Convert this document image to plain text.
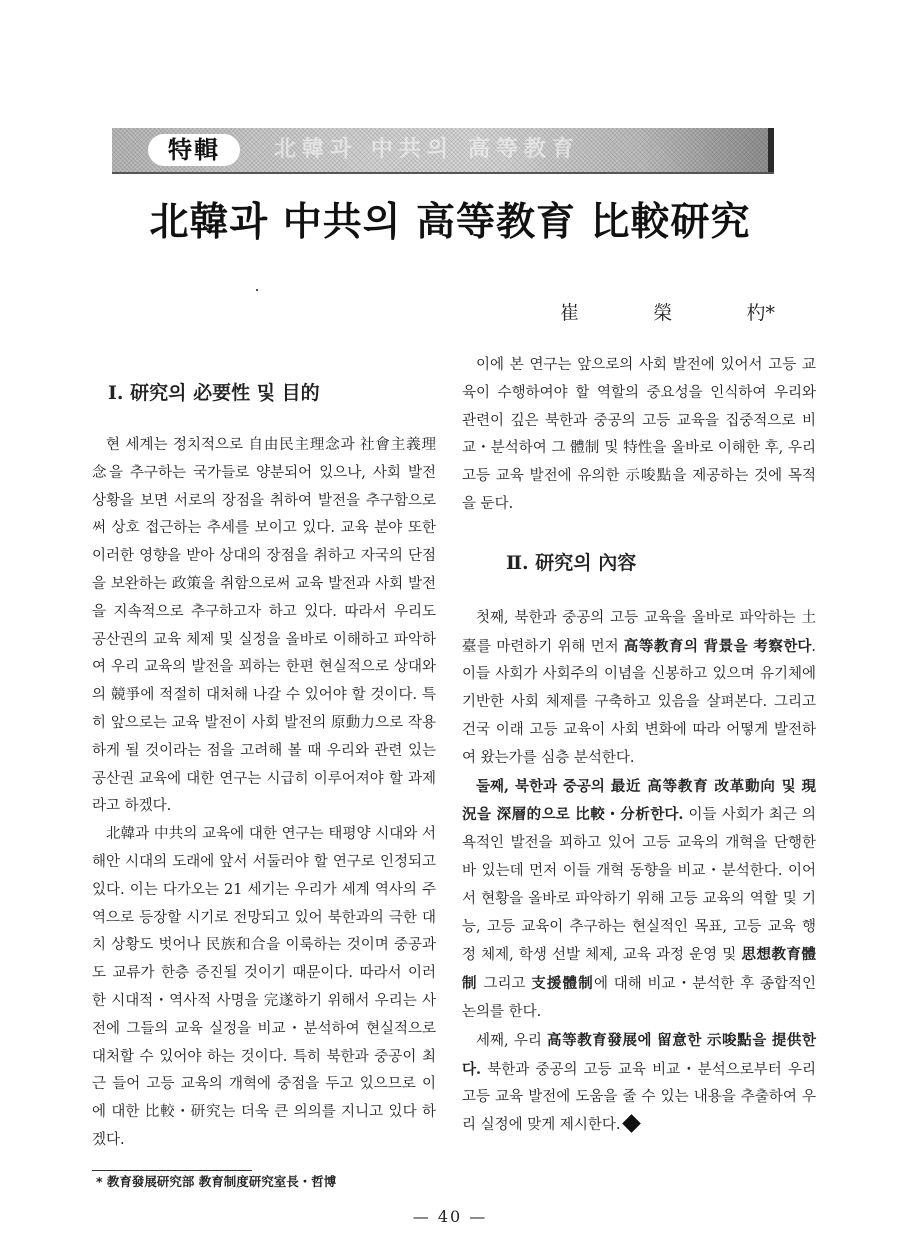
特輯	北韓과 中共의 高等教育
北韓과 中共의 高等教育 比較研究
崔	榮	杓*
Ⅰ. 研究의 必要性 및 目的

현 세계는 정치적으로 自由民主理念과 社會主義理念을 추구하는 국가들로 양분되어 있으나, 사회 발전 상황을 보면 서로의 장점을 취하여 발전을 추구함으로써 상호 접근하는 추세를 보이고 있다. 교육 분야 또한 이러한 영향을 받아 상대의 장점을 취하고 자국의 단점을 보완하는 政策을 취함으로써 교육 발전과 사회 발전을 지속적으로 추구하고자 하고 있다. 따라서 우리도 공산권의 교육 체제 및 실정을 올바로 이해하고 파악하여 우리 교육의 발전을 꾀하는 한편 현실적으로 상대와의 競爭에 적절히 대처해 나갈 수 있어야 할 것이다. 특히 앞으로는 교육 발전이 사회 발전의 原動力으로 작용하게 될 것이라는 점을 고려해 볼 때 우리와 관련 있는 공산권 교육에 대한 연구는 시급히 이루어져야 할 과제라고 하겠다.

北韓과 中共의 교육에 대한 연구는 태평양 시대와 서해안 시대의 도래에 앞서 서둘러야 할 연구로 인정되고 있다. 이는 다가오는 21 세기는 우리가 세계 역사의 주역으로 등장할 시기로 전망되고 있어 북한과의 극한 대치 상황도 벗어나 民族和合을 이룩하는 것이며 중공과도 교류가 한층 증진될 것이기 때문이다. 따라서 이러한 시대적・역사적 사명을 完遂하기 위해서 우리는 사전에 그들의 교육 실정을 비교・분석하여 현실적으로 대처할 수 있어야 하는 것이다. 특히 북한과 중공이 최근 들어 고등 교육의 개혁에 중점을 두고 있으므로 이에 대한 比較・研究는 더욱 큰 의의를 지니고 있다 하겠다.

이에 본 연구는 앞으로의 사회 발전에 있어서 고등 교육이 수행하여야 할 역할의 중요성을 인식하여 우리와 관련이 깊은 북한과 중공의 고등 교육을 집중적으로 비교・분석하여 그 體制 및 特性을 올바로 이해한 후, 우리 고등 교육 발전에 유의한 示唆點을 제공하는 것에 목적을 둔다.

Ⅱ. 研究의 內容

첫째, 북한과 중공의 고등 교육을 올바로 파악하는 土臺를 마련하기 위해 먼저 高等教育의 背景을 考察한다. 이들 사회가 사회주의 이념을 신봉하고 있으며 유기체에 기반한 사회 체제를 구축하고 있음을 살펴본다. 그리고 건국 이래 고등 교육이 사회 변화에 따라 어떻게 발전하여 왔는가를 심층 분석한다.

둘째, 북한과 중공의 最近 高等教育 改革動向 및 現況을 深層的으로 比較・分析한다. 이들 사회가 최근 의욕적인 발전을 꾀하고 있어 고등 교육의 개혁을 단행한 바 있는데 먼저 이들 개혁 동향을 비교・분석한다. 이어서 현황을 올바로 파악하기 위해 고등 교육의 역할 및 기능, 고등 교육이 추구하는 현실적인 목표, 고등 교육 행정 체제, 학생 선발 체제, 교육 과정 운영 및 思想教育體制 그리고 支援體制에 대해 비교・분석한 후 종합적인 논의를 한다.

세째, 우리 高等教育發展에 留意한 示唆點을 提供한다. 북한과 중공의 고등 교육 비교・분석으로부터 우리 고등 교육 발전에 도움을 줄 수 있는 내용을 추출하여 우리 실정에 맞게 제시한다.

* 教育發展研究部 教育制度研究室長・哲博
— 40 —
